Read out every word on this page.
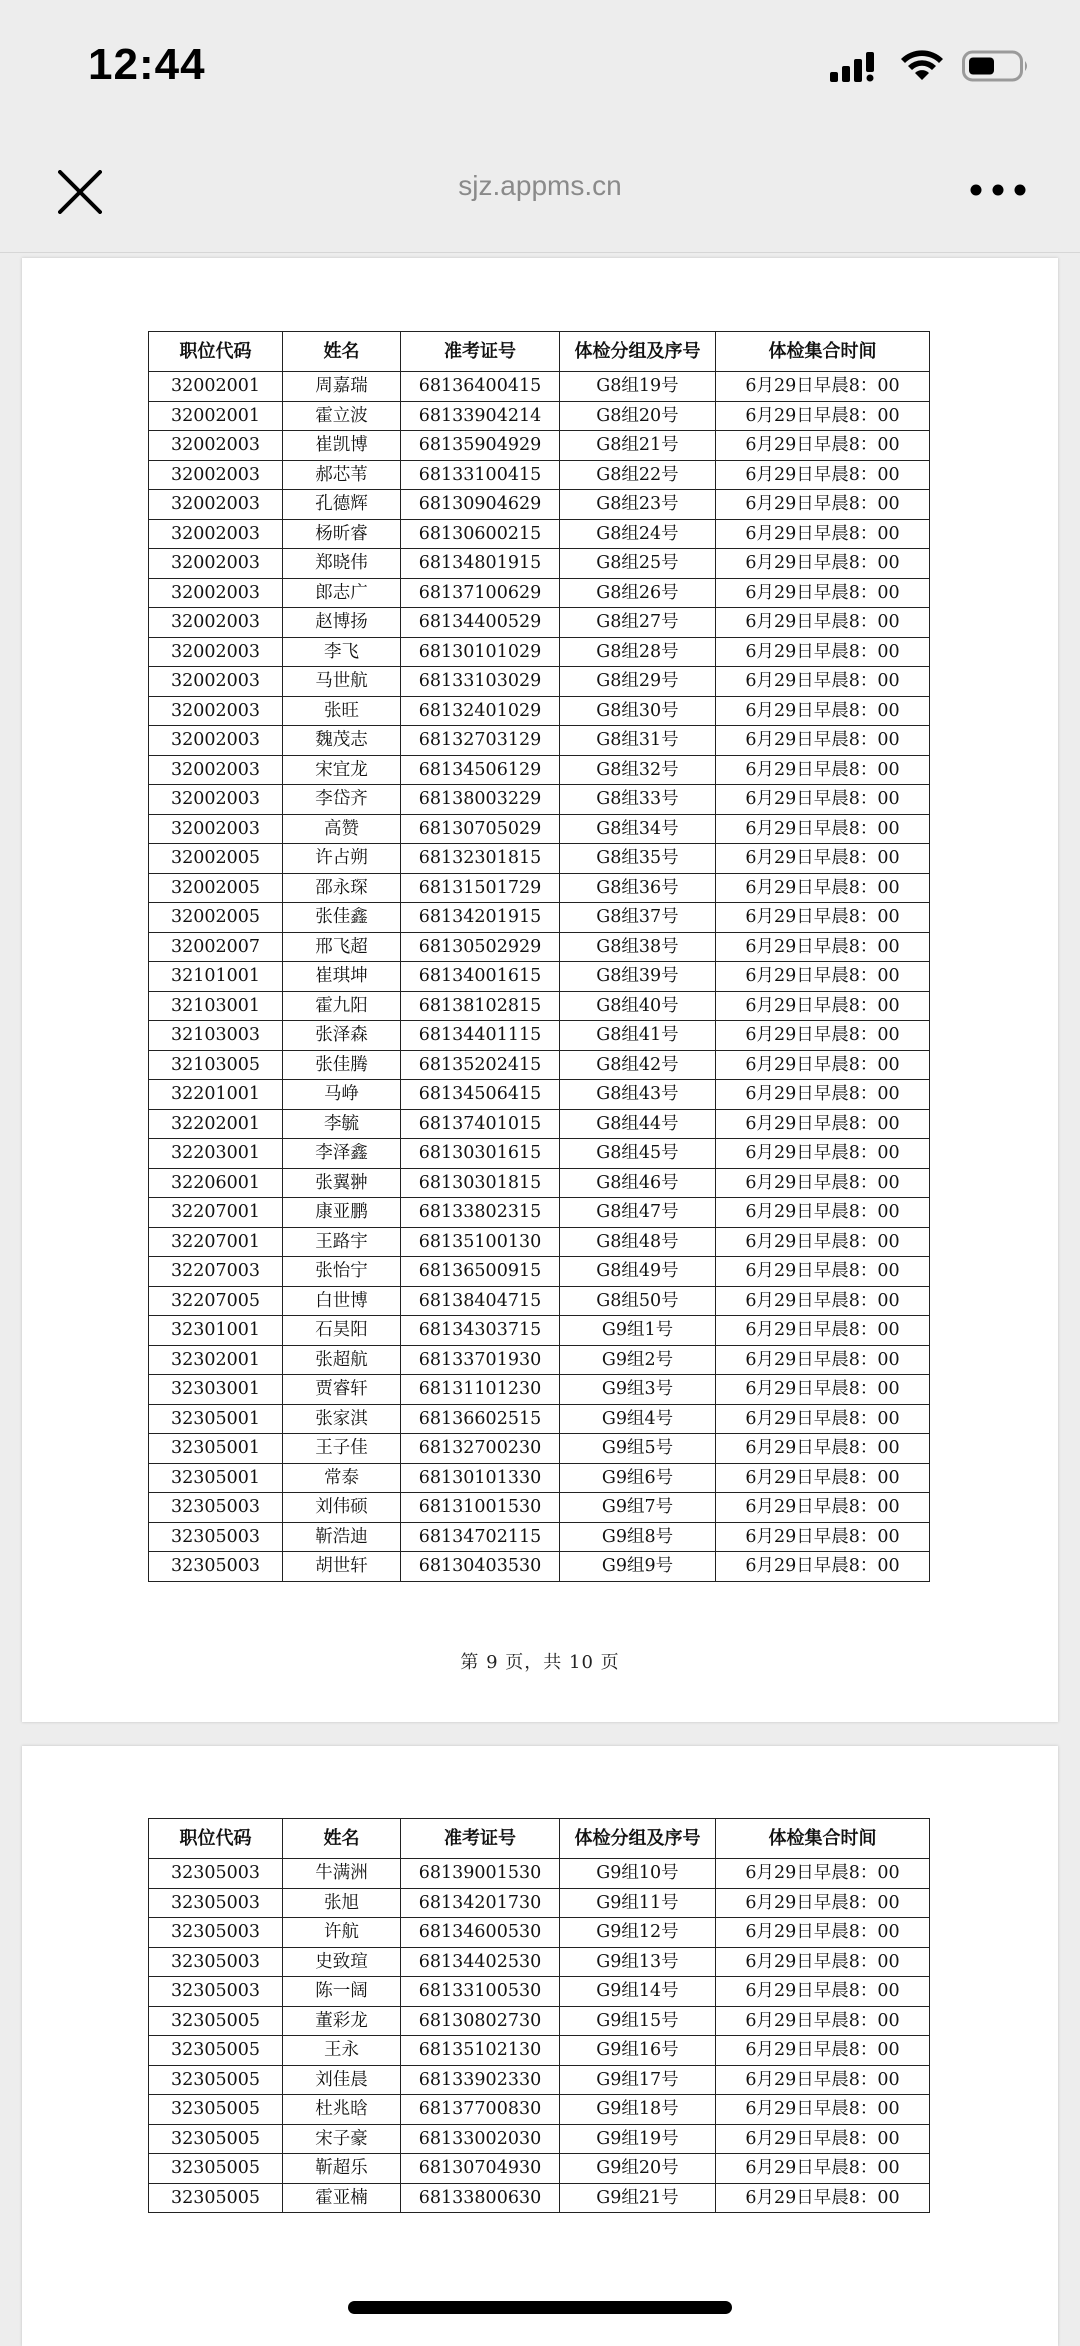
12:44
sjz.appms.cn
职位代码	姓名	准考证号	体检分组及序号	体检集合时间
32002001	周嘉瑞	68136400415	G8组19号	6月29日早晨8：00
32002001	霍立波	68133904214	G8组20号	6月29日早晨8：00
32002003	崔凯博	68135904929	G8组21号	6月29日早晨8：00
32002003	郝芯苇	68133100415	G8组22号	6月29日早晨8：00
32002003	孔德辉	68130904629	G8组23号	6月29日早晨8：00
32002003	杨昕睿	68130600215	G8组24号	6月29日早晨8：00
32002003	郑晓伟	68134801915	G8组25号	6月29日早晨8：00
32002003	郎志广	68137100629	G8组26号	6月29日早晨8：00
32002003	赵博扬	68134400529	G8组27号	6月29日早晨8：00
32002003	李飞	68130101029	G8组28号	6月29日早晨8：00
32002003	马世航	68133103029	G8组29号	6月29日早晨8：00
32002003	张旺	68132401029	G8组30号	6月29日早晨8：00
32002003	魏茂志	68132703129	G8组31号	6月29日早晨8：00
32002003	宋宜龙	68134506129	G8组32号	6月29日早晨8：00
32002003	李岱齐	68138003229	G8组33号	6月29日早晨8：00
32002003	高赞	68130705029	G8组34号	6月29日早晨8：00
32002005	许占朔	68132301815	G8组35号	6月29日早晨8：00
32002005	邵永琛	68131501729	G8组36号	6月29日早晨8：00
32002005	张佳鑫	68134201915	G8组37号	6月29日早晨8：00
32002007	邢飞超	68130502929	G8组38号	6月29日早晨8：00
32101001	崔琪坤	68134001615	G8组39号	6月29日早晨8：00
32103001	霍九阳	68138102815	G8组40号	6月29日早晨8：00
32103003	张泽森	68134401115	G8组41号	6月29日早晨8：00
32103005	张佳腾	68135202415	G8组42号	6月29日早晨8：00
32201001	马峥	68134506415	G8组43号	6月29日早晨8：00
32202001	李毓	68137401015	G8组44号	6月29日早晨8：00
32203001	李泽鑫	68130301615	G8组45号	6月29日早晨8：00
32206001	张翼翀	68130301815	G8组46号	6月29日早晨8：00
32207001	康亚鹏	68133802315	G8组47号	6月29日早晨8：00
32207001	王路宇	68135100130	G8组48号	6月29日早晨8：00
32207003	张怡宁	68136500915	G8组49号	6月29日早晨8：00
32207005	白世博	68138404715	G8组50号	6月29日早晨8：00
32301001	石昊阳	68134303715	G9组1号	6月29日早晨8：00
32302001	张超航	68133701930	G9组2号	6月29日早晨8：00
32303001	贾睿轩	68131101230	G9组3号	6月29日早晨8：00
32305001	张家淇	68136602515	G9组4号	6月29日早晨8：00
32305001	王子佳	68132700230	G9组5号	6月29日早晨8：00
32305001	常泰	68130101330	G9组6号	6月29日早晨8：00
32305003	刘伟硕	68131001530	G9组7号	6月29日早晨8：00
32305003	靳浩迪	68134702115	G9组8号	6月29日早晨8：00
32305003	胡世轩	68130403530	G9组9号	6月29日早晨8：00
第 9 页，共 10 页
职位代码	姓名	准考证号	体检分组及序号	体检集合时间
32305003	牛满洲	68139001530	G9组10号	6月29日早晨8：00
32305003	张旭	68134201730	G9组11号	6月29日早晨8：00
32305003	许航	68134600530	G9组12号	6月29日早晨8：00
32305003	史致瑄	68134402530	G9组13号	6月29日早晨8：00
32305003	陈一阔	68133100530	G9组14号	6月29日早晨8：00
32305005	董彩龙	68130802730	G9组15号	6月29日早晨8：00
32305005	王永	68135102130	G9组16号	6月29日早晨8：00
32305005	刘佳晨	68133902330	G9组17号	6月29日早晨8：00
32305005	杜兆晗	68137700830	G9组18号	6月29日早晨8：00
32305005	宋子豪	68133002030	G9组19号	6月29日早晨8：00
32305005	靳超乐	68130704930	G9组20号	6月29日早晨8：00
32305005	霍亚楠	68133800630	G9组21号	6月29日早晨8：00
